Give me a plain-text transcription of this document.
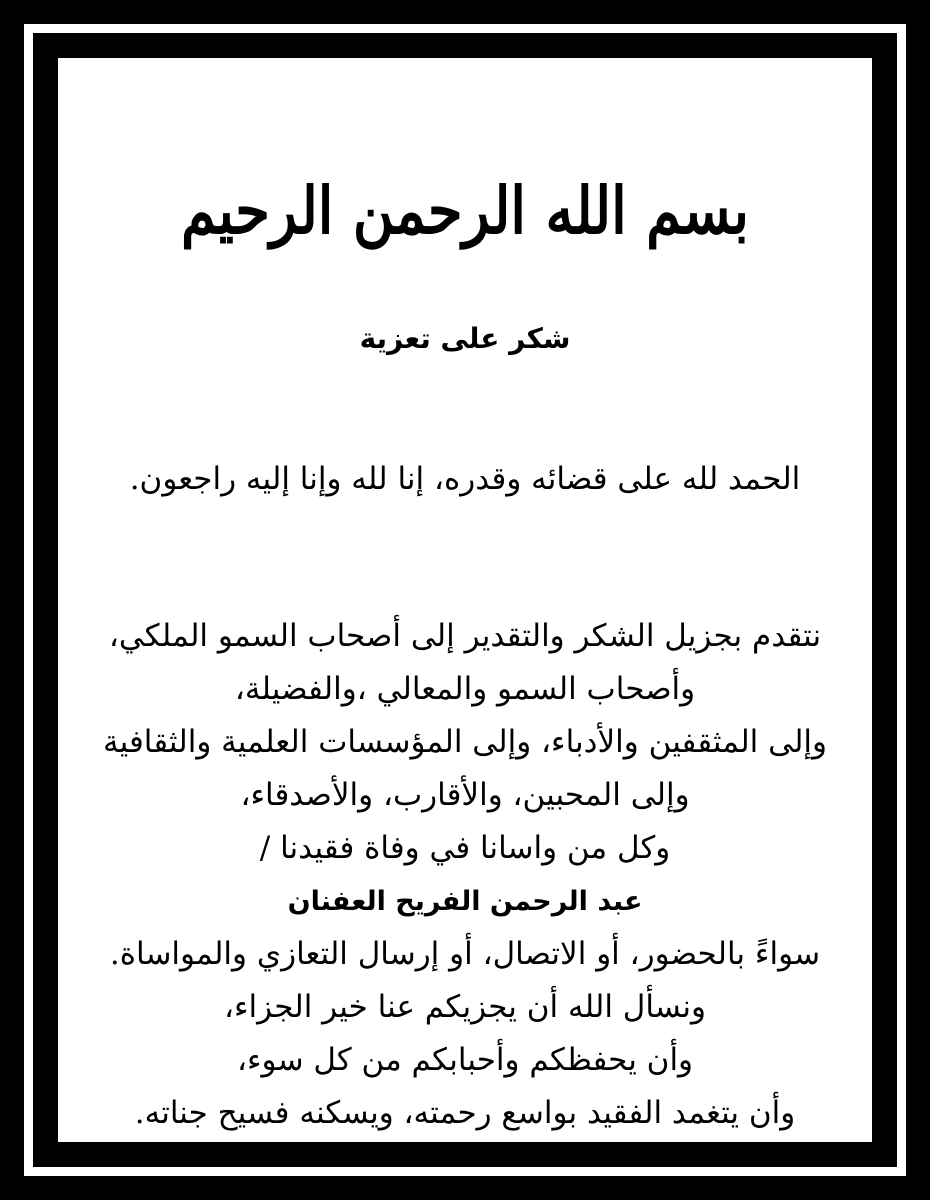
بسم الله الرحمن الرحيم
شكر على تعزية
الحمد لله على قضائه وقدره، إنا لله وإنا إليه راجعون.
نتقدم بجزيل الشكر والتقدير إلى أصحاب السمو الملكي،
وأصحاب السمو والمعالي ،والفضيلة،
وإلى المثقفين والأدباء، وإلى المؤسسات العلمية والثقافية
وإلى المحبين، والأقارب، والأصدقاء،
وكل من واسانا في وفاة فقيدنا /
عبد الرحمن الفريح العفنان
سواءً بالحضور، أو الاتصال، أو إرسال التعازي والمواساة.
ونسأل الله أن يجزيكم عنا خير الجزاء،
وأن يحفظكم وأحبابكم من كل سوء،
وأن يتغمد الفقيد بواسع رحمته، ويسكنه فسيح جناته.
